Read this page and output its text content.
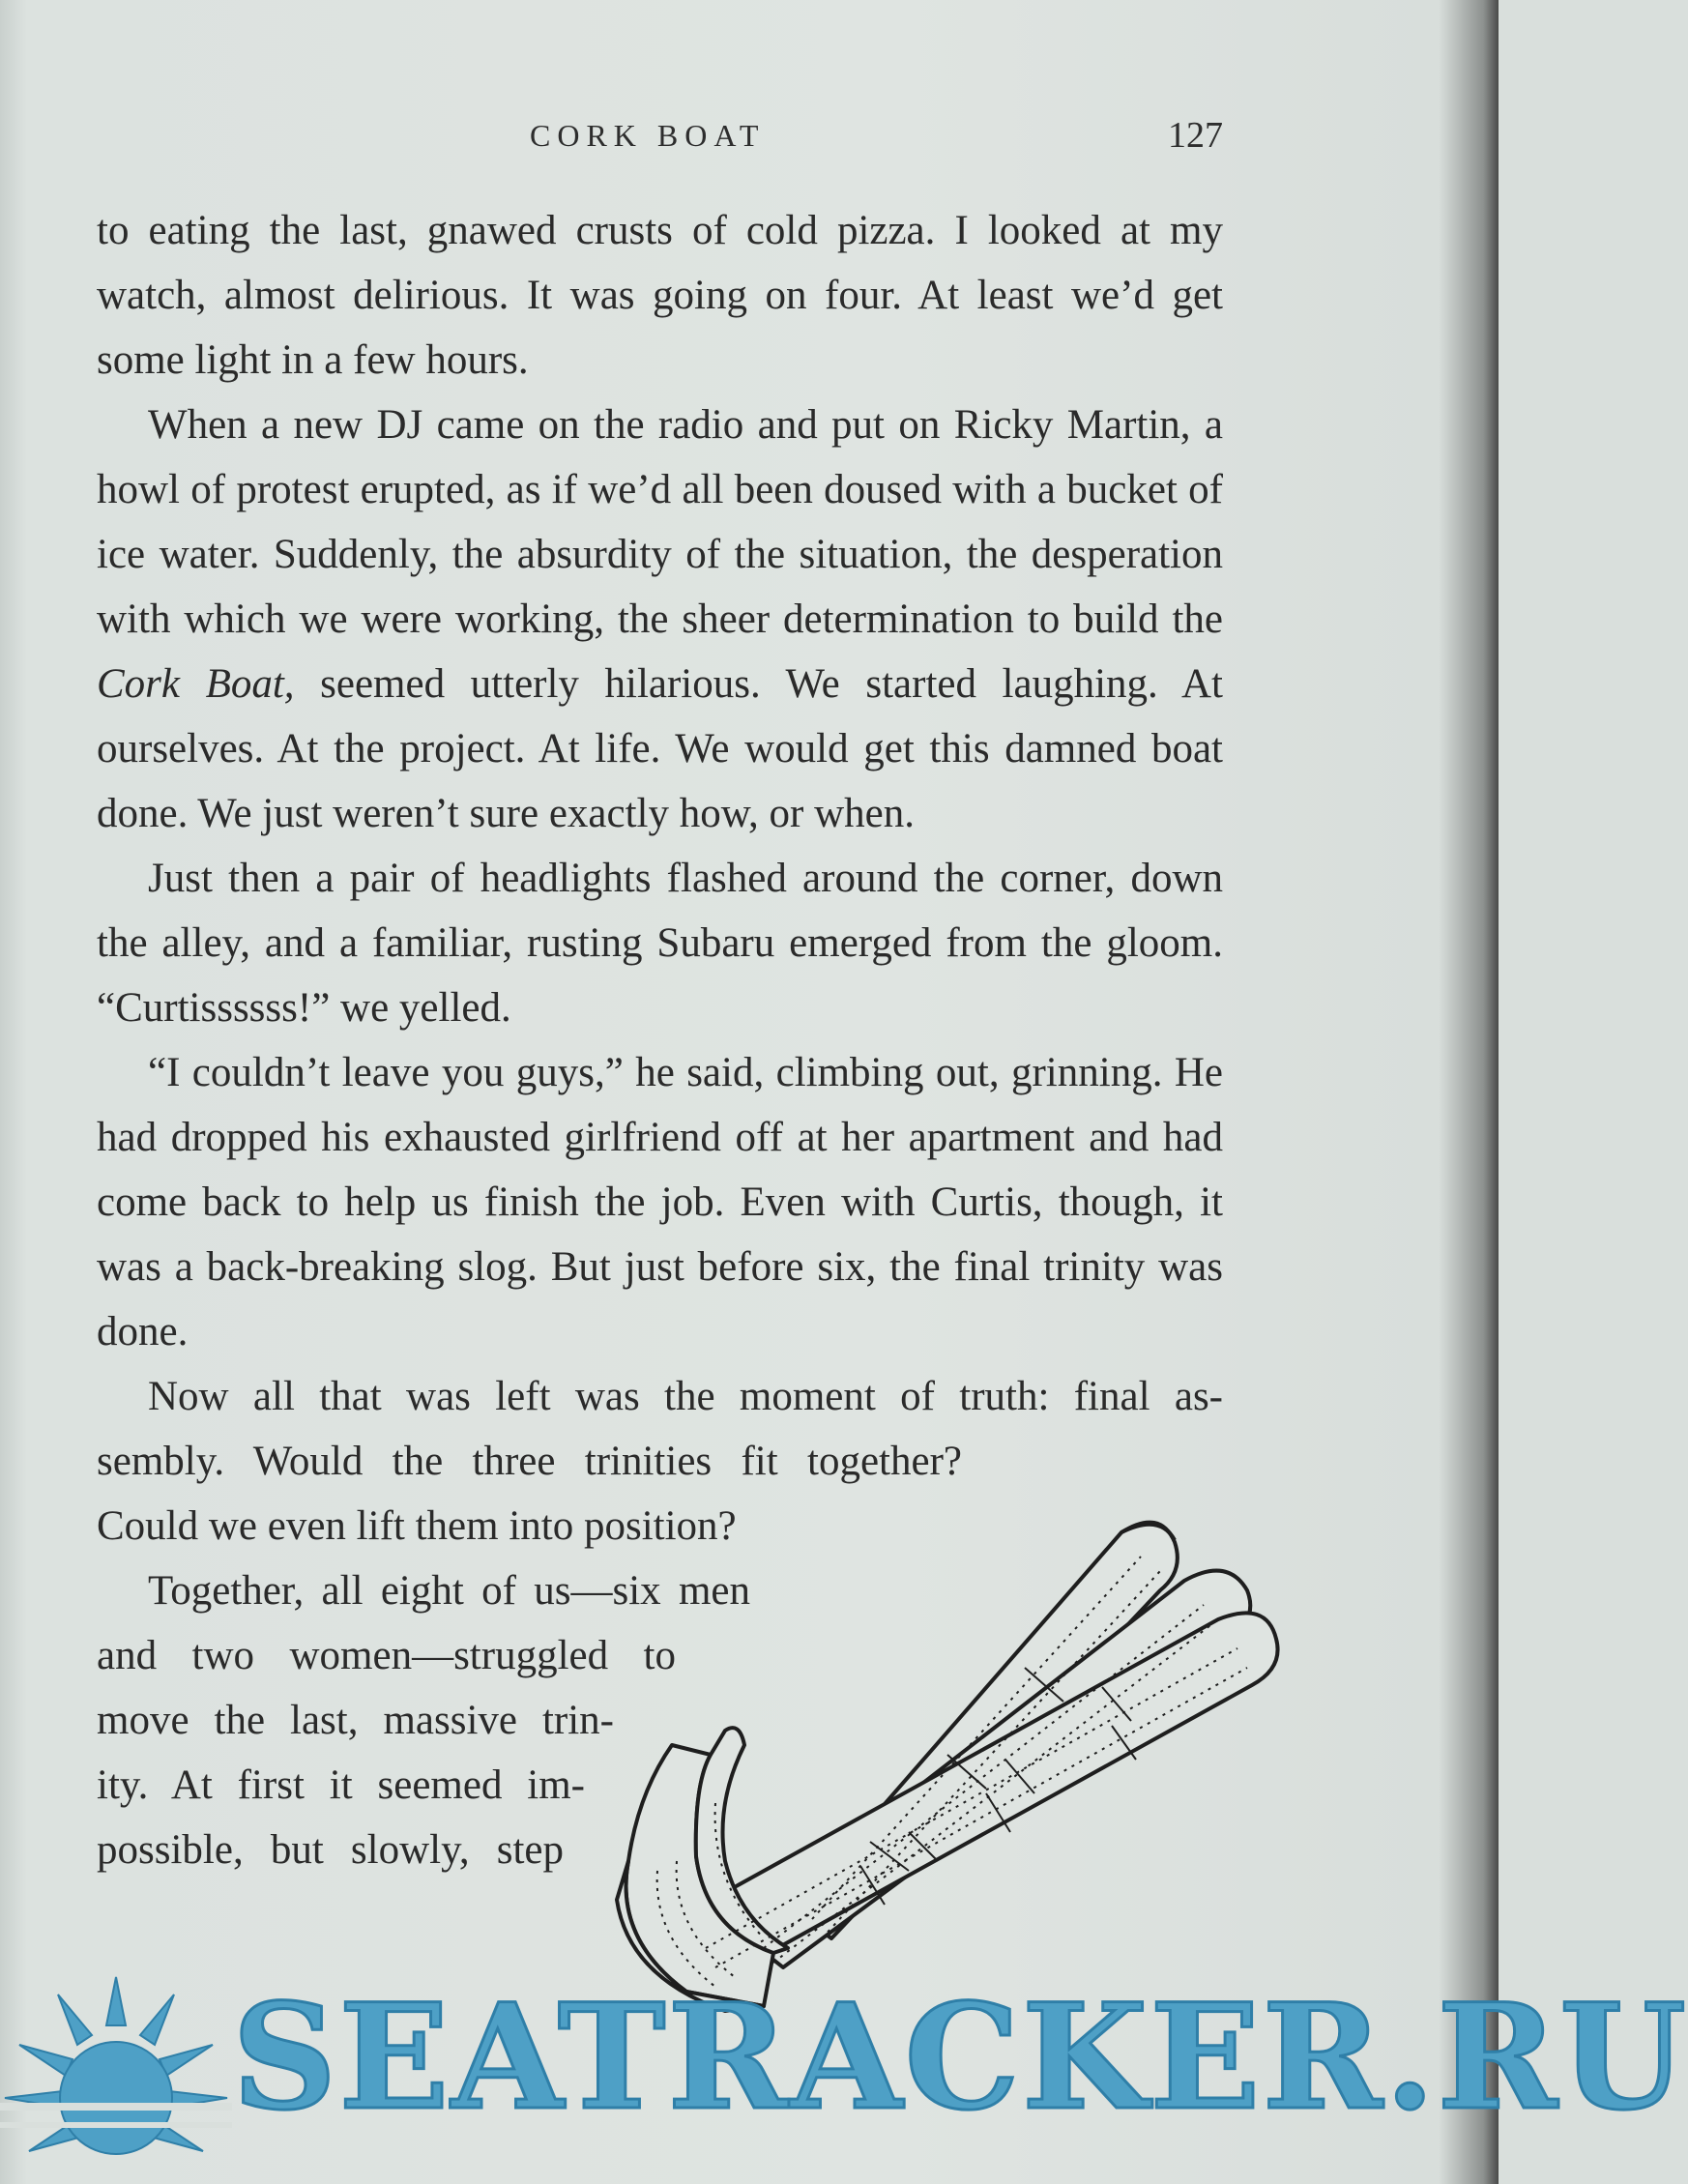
CORK BOAT	127

to eating the last, gnawed crusts of cold pizza. I looked at my watch, almost delirious. It was going on four. At least we’d get some light in a few hours.

When a new DJ came on the radio and put on Ricky Martin, a howl of protest erupted, as if we’d all been doused with a bucket of ice water. Suddenly, the absurdity of the situation, the desperation with which we were working, the sheer determination to build the Cork Boat, seemed utterly hilarious. We started laughing. At ourselves. At the project. At life. We would get this damned boat done. We just weren’t sure exactly how, or when.

Just then a pair of headlights flashed around the corner, down the alley, and a familiar, rusting Subaru emerged from the gloom. “Curtissssss!” we yelled.

“I couldn’t leave you guys,” he said, climbing out, grinning. He had dropped his exhausted girlfriend off at her apartment and had come back to help us finish the job. Even with Curtis, though, it was a back-breaking slog. But just before six, the final trinity was done.

Now all that was left was the moment of truth: final as-
sembly. Would the three trinities fit together?
Could we even lift them into position?
Together, all eight of us—six men
and two women—struggled to
move the last, massive trin-
ity. At first it seemed im-
possible, but slowly, step
SEATRACKER.RU
